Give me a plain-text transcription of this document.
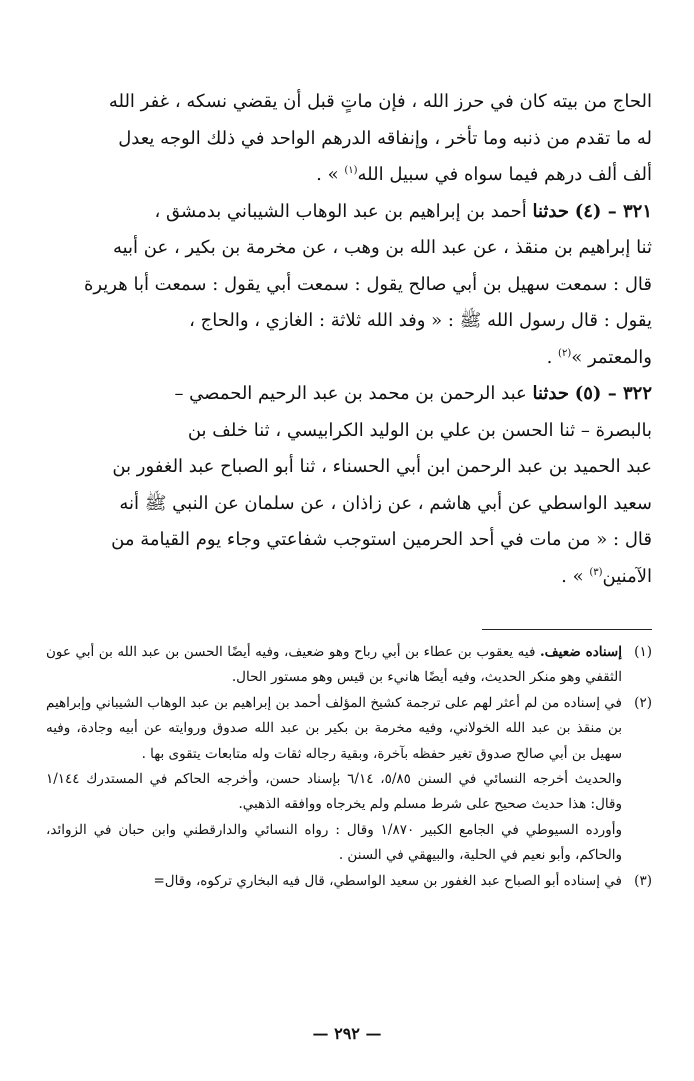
الحاج من بيته كان في حرز الله ، فإن ماتٍ قبل أن يقضي نسكه ، غفر الله

له ما تقدم من ذنبه وما تأخر ، وإنفاقه الدرهم الواحد في ذلك الوجه يعدل

ألف ألف درهم فيما سواه في سبيل الله$^{(١)}$ » .

٣٢١ – (٤) حدثنا أحمد بن إبراهيم بن عبد الوهاب الشيباني بدمشق ،

ثنا إبراهيم بن منقذ ، عن عبد الله بن وهب ، عن مخرمة بن بكير ، عن أبيه

قال : سمعت سهيل بن أبي صالح يقول : سمعت أبي يقول : سمعت أبا هريرة

يقول : قال رسول الله ﷺ : « وفد الله ثلاثة : الغازي ، والحاج ،

والمعتمر »$^{(٢)}$ .

٣٢٢ – (٥) حدثنا عبد الرحمن بن محمد بن عبد الرحيم الحمصي –

بالبصرة – ثنا الحسن بن علي بن الوليد الكرابيسي ، ثنا خلف بن

عبد الحميد بن عبد الرحمن ابن أبي الحسناء ، ثنا أبو الصباح عبد الغفور بن

سعيد الواسطي عن أبي هاشم ، عن زاذان ، عن سلمان عن النبي ﷺ أنه

قال : « من مات في أحد الحرمين استوجب شفاعتي وجاء يوم القيامة من

الآمنين$^{(٣)}$ » .

(١)

إسناده ضعيف. فيه يعقوب بن عطاء بن أبي رباح وهو ضعيف، وفيه أيضًا الحسن بن عبد الله بن أبي عون الثقفي وهو منكر الحديث، وفيه أيضًا هانيء بن قيس وهو مستور الحال.

(٢)

في إسناده من لم أعثر لهم على ترجمة كشيخ المؤلف أحمد بن إبراهيم بن عبد الوهاب الشيباني وإبراهيم بن منقذ بن عبد الله الخولاني، وفيه مخرمة بن بكير بن عبد الله صدوق وروايته عن أبيه وجادة، وفيه سهيل بن أبي صالح صدوق تغير حفظه بآخرة، وبقية رجاله ثقات وله متابعات يتقوى بها .

والحديث أخرجه النسائي في السنن ٥/٨٥، ٦/١٤ بإسناد حسن، وأخرجه الحاكم في المستدرك ١/١٤٤ وقال: هذا حديث صحيح على شرط مسلم ولم يخرجاه ووافقه الذهبي.

وأورده السيوطي في الجامع الكبير ١/٨٧٠ وقال : رواه النسائي والدارقطني وابن حبان في الزوائد، والحاكم، وأبو نعيم في الحلية، والبيهقي في السنن .

(٣)

في إسناده أبو الصباح عبد الغفور بن سعيد الواسطي، قال فيه البخاري تركوه، وقال=

— ٢٩٢ —
